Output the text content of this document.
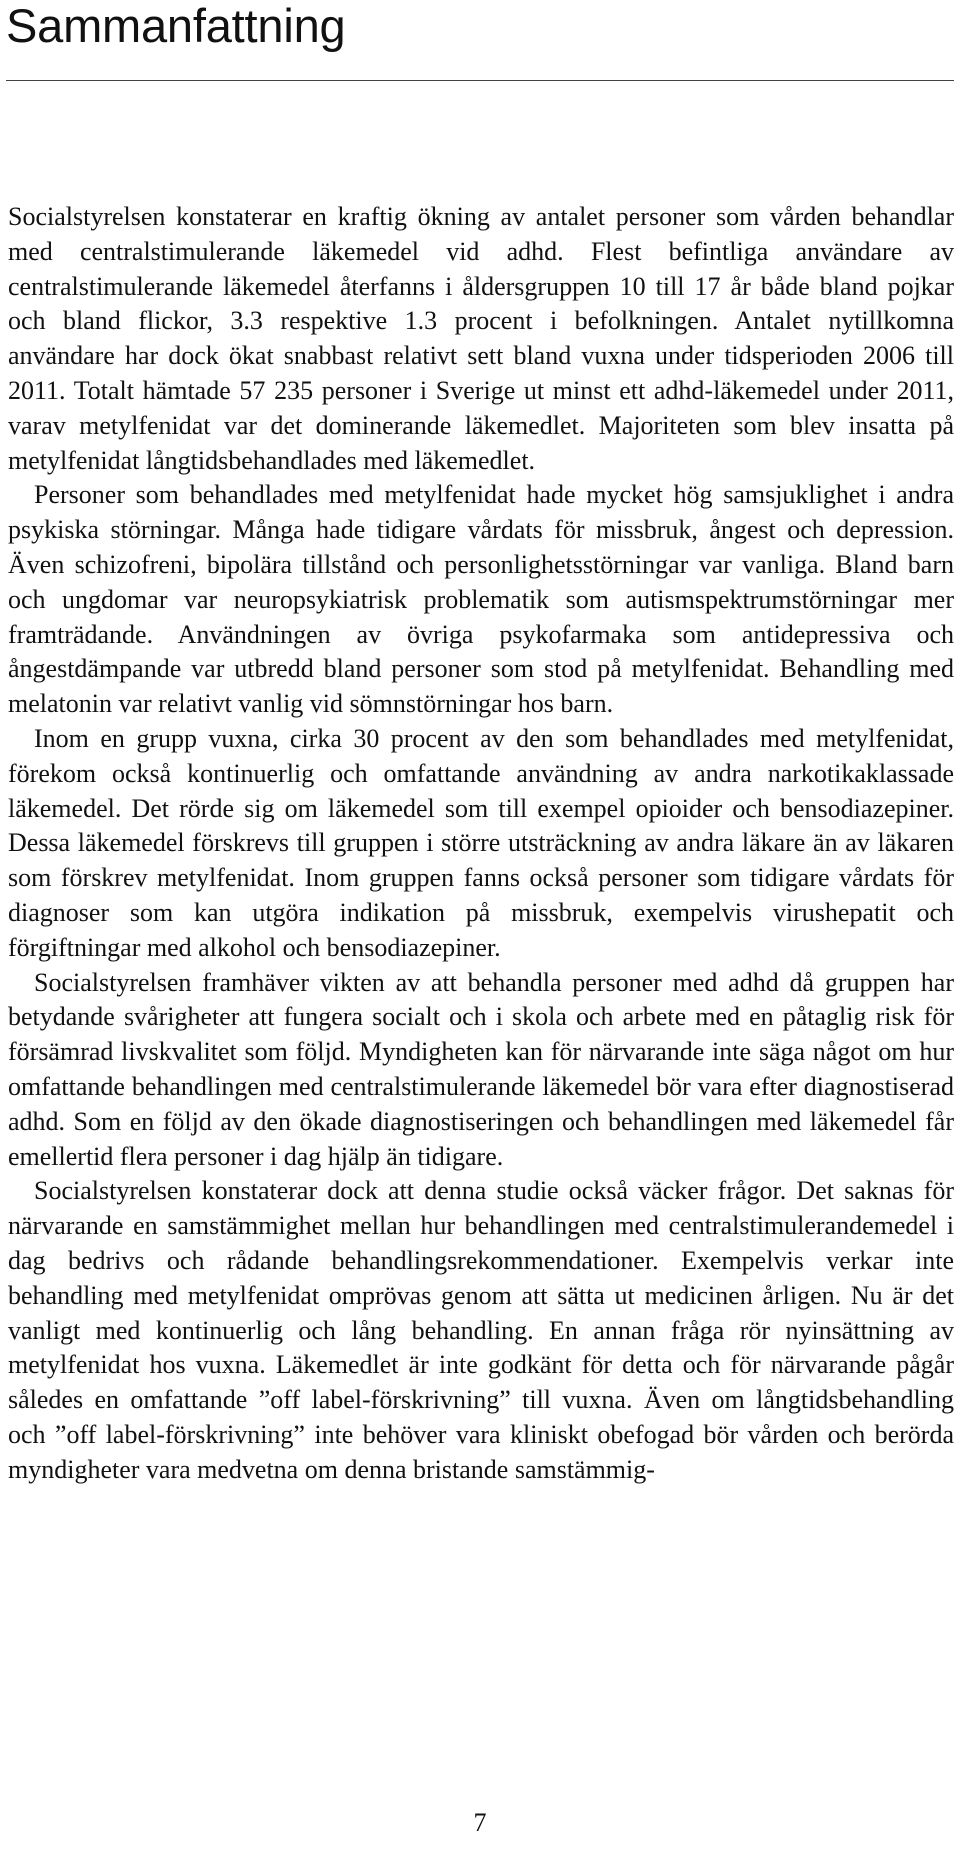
Sammanfattning

Socialstyrelsen konstaterar en kraftig ökning av antalet personer som vården behandlar med centralstimulerande läkemedel vid adhd. Flest befintliga användare av centralstimulerande läkemedel återfanns i åldersgruppen 10 till 17 år både bland pojkar och bland flickor, 3.3 respektive 1.3 procent i befolkningen. Antalet nytillkomna användare har dock ökat snabbast relativt sett bland vuxna under tidsperioden 2006 till 2011. Totalt hämtade 57 235 personer i Sverige ut minst ett adhd-läkemedel under 2011, varav metylfenidat var det dominerande läkemedlet. Majoriteten som blev insatta på metylfenidat långtidsbehandlades med läkemedlet.

Personer som behandlades med metylfenidat hade mycket hög samsjuklighet i andra psykiska störningar. Många hade tidigare vårdats för missbruk, ångest och depression. Även schizofreni, bipolära tillstånd och personlighetsstörningar var vanliga. Bland barn och ungdomar var neuropsykiatrisk problematik som autismspektrumstörningar mer framträdande. Användningen av övriga psykofarmaka som antidepressiva och ångestdämpande var utbredd bland personer som stod på metylfenidat. Behandling med melatonin var relativt vanlig vid sömnstörningar hos barn.

Inom en grupp vuxna, cirka 30 procent av den som behandlades med metylfenidat, förekom också kontinuerlig och omfattande användning av andra narkotikaklassade läkemedel. Det rörde sig om läkemedel som till exempel opioider och bensodiazepiner. Dessa läkemedel förskrevs till gruppen i större utsträckning av andra läkare än av läkaren som förskrev metylfenidat. Inom gruppen fanns också personer som tidigare vårdats för diagnoser som kan utgöra indikation på missbruk, exempelvis virushepatit och förgiftningar med alkohol och bensodiazepiner.

Socialstyrelsen framhäver vikten av att behandla personer med adhd då gruppen har betydande svårigheter att fungera socialt och i skola och arbete med en påtaglig risk för försämrad livskvalitet som följd. Myndigheten kan för närvarande inte säga något om hur omfattande behandlingen med centralstimulerande läkemedel bör vara efter diagnostiserad adhd. Som en följd av den ökade diagnostiseringen och behandlingen med läkemedel får emellertid flera personer i dag hjälp än tidigare.

Socialstyrelsen konstaterar dock att denna studie också väcker frågor. Det saknas för närvarande en samstämmighet mellan hur behandlingen med centralstimulerandemedel i dag bedrivs och rådande behandlingsrekommendationer. Exempelvis verkar inte behandling med metylfenidat omprövas genom att sätta ut medicinen årligen. Nu är det vanligt med kontinuerlig och lång behandling. En annan fråga rör nyinsättning av metylfenidat hos vuxna. Läkemedlet är inte godkänt för detta och för närvarande pågår således en omfattande ”off label-förskrivning” till vuxna. Även om långtidsbehandling och ”off label-förskrivning” inte behöver vara kliniskt obefogad bör vården och berörda myndigheter vara medvetna om denna bristande samstämmig-

7
